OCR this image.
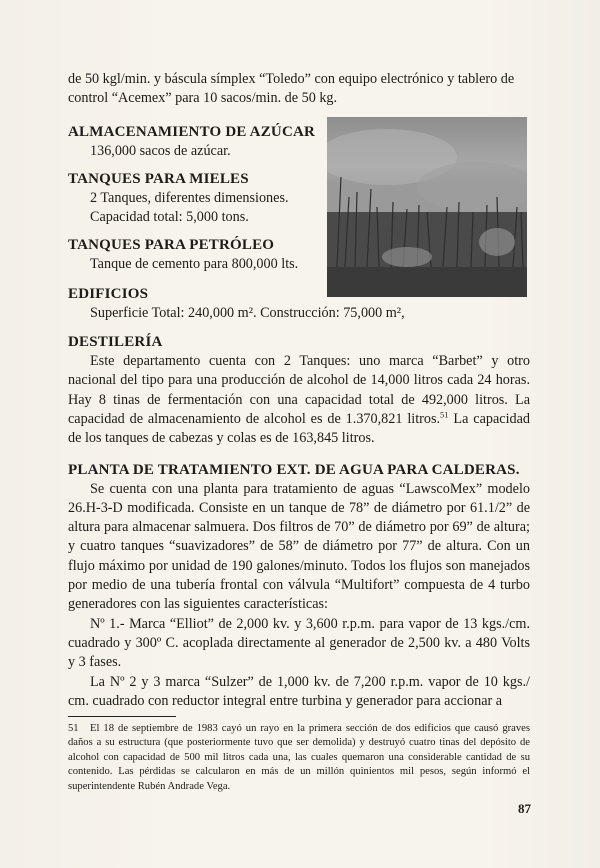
de 50 kgl/min. y báscula símplex “Toledo” con equipo electrónico y tablero de

control “Acemex” para 10 sacos/min. de 50 kg.

ALMACENAMIENTO DE AZÚCAR

136,000 sacos de azúcar.

TANQUES PARA MIELES

2 Tanques, diferentes dimensiones.

Capacidad total: 5,000 tons.

TANQUES PARA PETRÓLEO

Tanque de cemento para 800,000 lts.

EDIFICIOS

Superficie Total: 240,000 m². Construcción: 75,000 m²,

DESTILERÍA

Este departamento cuenta con 2 Tanques: uno marca “Barbet” y otro nacional del tipo para una producción de alcohol de 14,000 litros cada 24 horas. Hay 8 tinas de fermentación con una capacidad total de 492,000 litros. La capacidad de almacenamiento de alcohol es de 1.370,821 litros.$^{51}$ La capacidad de los tanques de cabezas y colas es de 163,845 litros.

PLANTA DE TRATAMIENTO EXT. DE AGUA PARA CALDERAS.

Se cuenta con una planta para tratamiento de aguas “LawscoMex” modelo 26.H-3-D modificada. Consiste en un tanque de 78” de diámetro por 61.1/2” de altura para almacenar salmuera. Dos filtros de 70” de diámetro por 69” de altura; y cuatro tanques “suavizadores” de 58” de diámetro por 77” de altura. Con un flujo máximo por unidad de 190 galones/minuto. Todos los flujos son manejados por medio de una tubería frontal con válvula “Multifort” compuesta de 4 turbo generadores con las siguientes características:

Nº 1.- Marca “Elliot” de 2,000 kv. y 3,600 r.p.m. para vapor de 13 kgs./cm. cuadrado y 300º C. acoplada directamente al generador de 2,500 kv. a 480 Volts y 3 fases.

La Nº 2 y 3 marca “Sulzer” de 1,000 kv. de 7,200 r.p.m. vapor de 10 kgs./ cm. cuadrado con reductor integral entre turbina y generador para accionar a

51 El 18 de septiembre de 1983 cayó un rayo en la primera sección de dos edificios que causó graves daños a su estructura (que posteriormente tuvo que ser demolida) y destruyó cuatro tinas del depósito de alcohol con capacidad de 500 mil litros cada una, las cuales quemaron una considerable cantidad de su contenido. Las pérdidas se calcularon en más de un millón quinientos mil pesos, según informó el superintendente Rubén Andrade Vega.
87
